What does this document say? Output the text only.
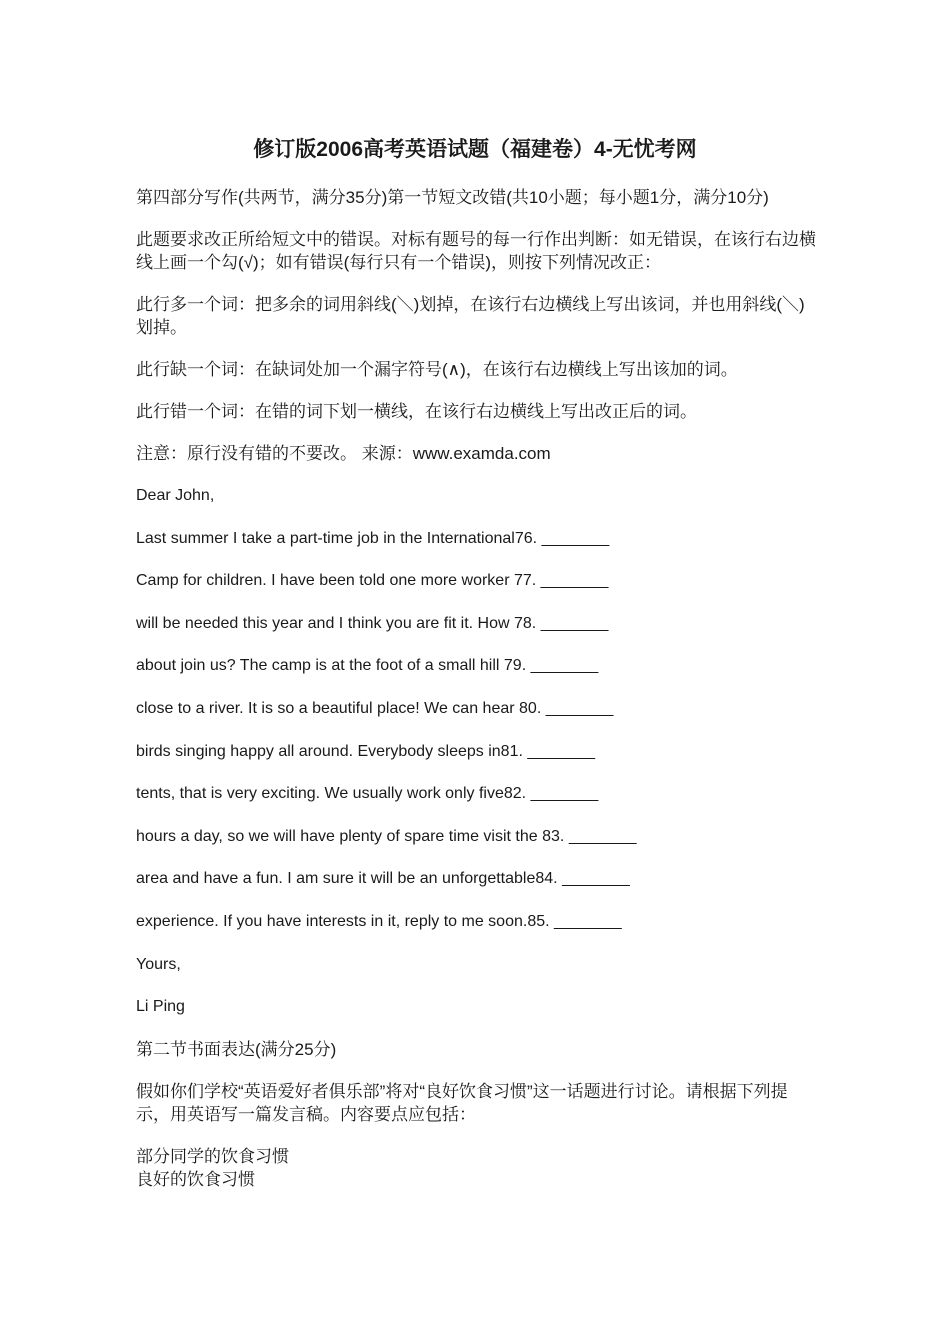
修订版2006高考英语试题（福建卷）4-无忧考网

第四部分写作(共两节，满分35分)第一节短文改错(共10小题；每小题1分，满分10分)

此题要求改正所给短文中的错误。对标有题号的每一行作出判断：如无错误，在该行右边横线上画一个勾(√)；如有错误(每行只有一个错误)，则按下列情况改正：

此行多一个词：把多余的词用斜线(＼)划掉，在该行右边横线上写出该词，并也用斜线(＼)划掉。

此行缺一个词：在缺词处加一个漏字符号(∧)，在该行右边横线上写出该加的词。

此行错一个词：在错的词下划一横线，在该行右边横线上写出改正后的词。

注意：原行没有错的不要改。 来源：www.examda.com

Dear John,
Last summer I take a part-time job in the International76. ________
Camp for children. I have been told one more worker 77. ________
will be needed this year and I think you are fit it. How 78. ________
about join us? The camp is at the foot of a small hill 79. ________
close to a river. It is so a beautiful place! We can hear 80. ________
birds singing happy all around. Everybody sleeps in81. ________
tents, that is very exciting. We usually work only five82. ________
hours a day, so we will have plenty of spare time visit the 83. ________
area and have a fun. I am sure it will be an unforgettable84. ________
experience. If you have interests in it, reply to me soon.85. ________
Yours,
Li Ping

第二节书面表达(满分25分)

假如你们学校“英语爱好者俱乐部”将对“良好饮食习惯”这一话题进行讨论。请根据下列提示，用英语写一篇发言稿。内容要点应包括：

部分同学的饮食习惯

良好的饮食习惯
